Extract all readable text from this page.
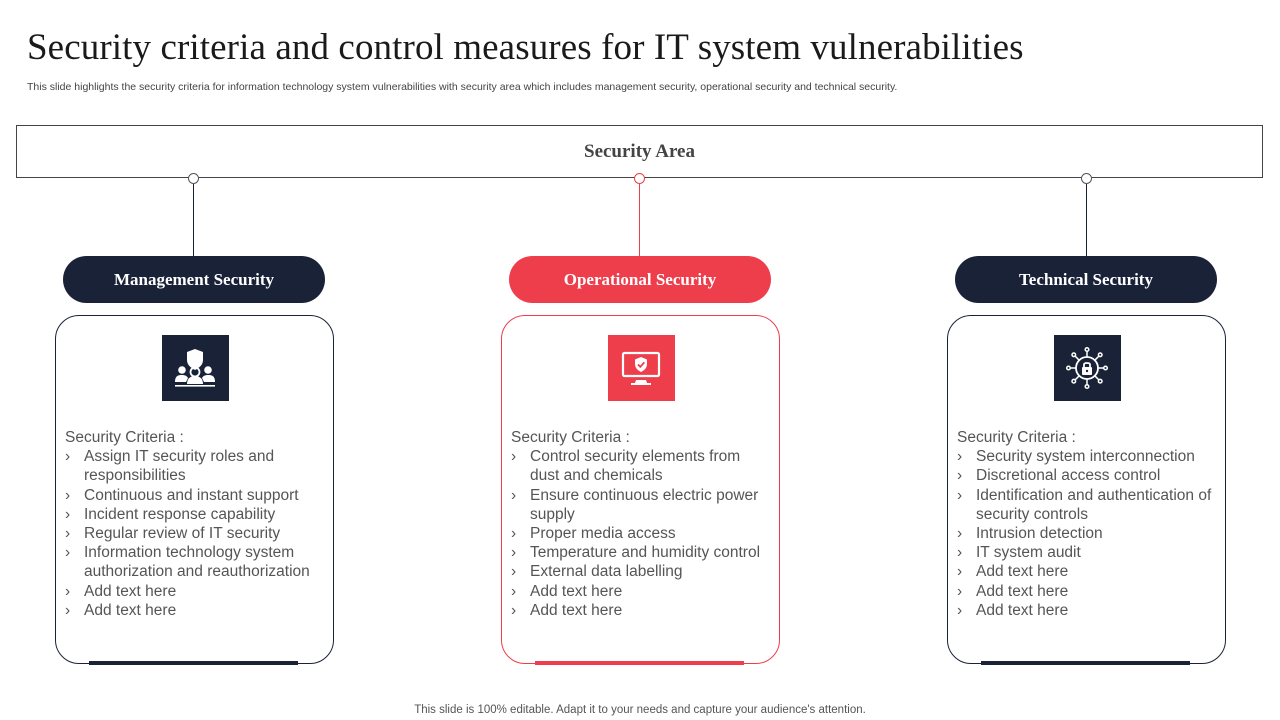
Security criteria and control measures for IT system vulnerabilities
This slide highlights the security criteria for information technology system vulnerabilities with security area which includes management security, operational security and technical security.
Security Area
Management Security	Operational Security	Technical Security
Security Criteria :
› Assign IT security roles and responsibilities
› Continuous and instant support
› Incident response capability
› Regular review of IT security
› Information technology system authorization and reauthorization
› Add text here
› Add text here
Security Criteria :
› Control security elements from dust and chemicals
› Ensure continuous electric power supply
› Proper media access
› Temperature and humidity control
› External data labelling
› Add text here
› Add text here
Security Criteria :
› Security system interconnection
› Discretional access control
› Identification and authentication of security controls
› Intrusion detection
› IT system audit
› Add text here
› Add text here
› Add text here
This slide is 100% editable. Adapt it to your needs and capture your audience's attention.
